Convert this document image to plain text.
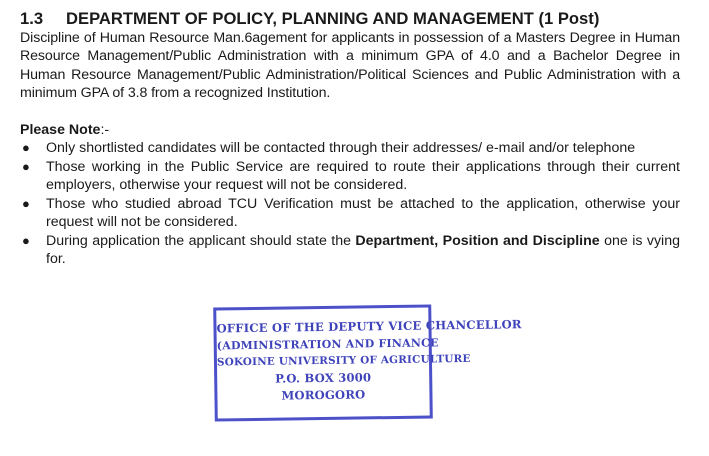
1.3	DEPARTMENT OF POLICY, PLANNING AND MANAGEMENT (1 Post)

Discipline of Human Resource Man.6agement for applicants in possession of a Masters Degree in Human Resource Management/Public Administration with a minimum GPA of 4.0 and a Bachelor Degree in Human Resource Management/Public Administration/Political Sciences and Public Administration with a minimum GPA of 3.8 from a recognized Institution.

Please Note:-

● Only shortlisted candidates will be contacted through their addresses/ e-mail and/or telephone
● Those working in the Public Service are required to route their applications through their current employers, otherwise your request will not be considered.
● Those who studied abroad TCU Verification must be attached to the application, otherwise your request will not be considered.
● During application the applicant should state the Department, Position and Discipline one is vying for.
OFFICE OF THE DEPUTY VICE CHANCELLOR
(ADMINISTRATION AND FINANCE
SOKOINE UNIVERSITY OF AGRICULTURE
P.O. BOX 3000
MOROGORO
